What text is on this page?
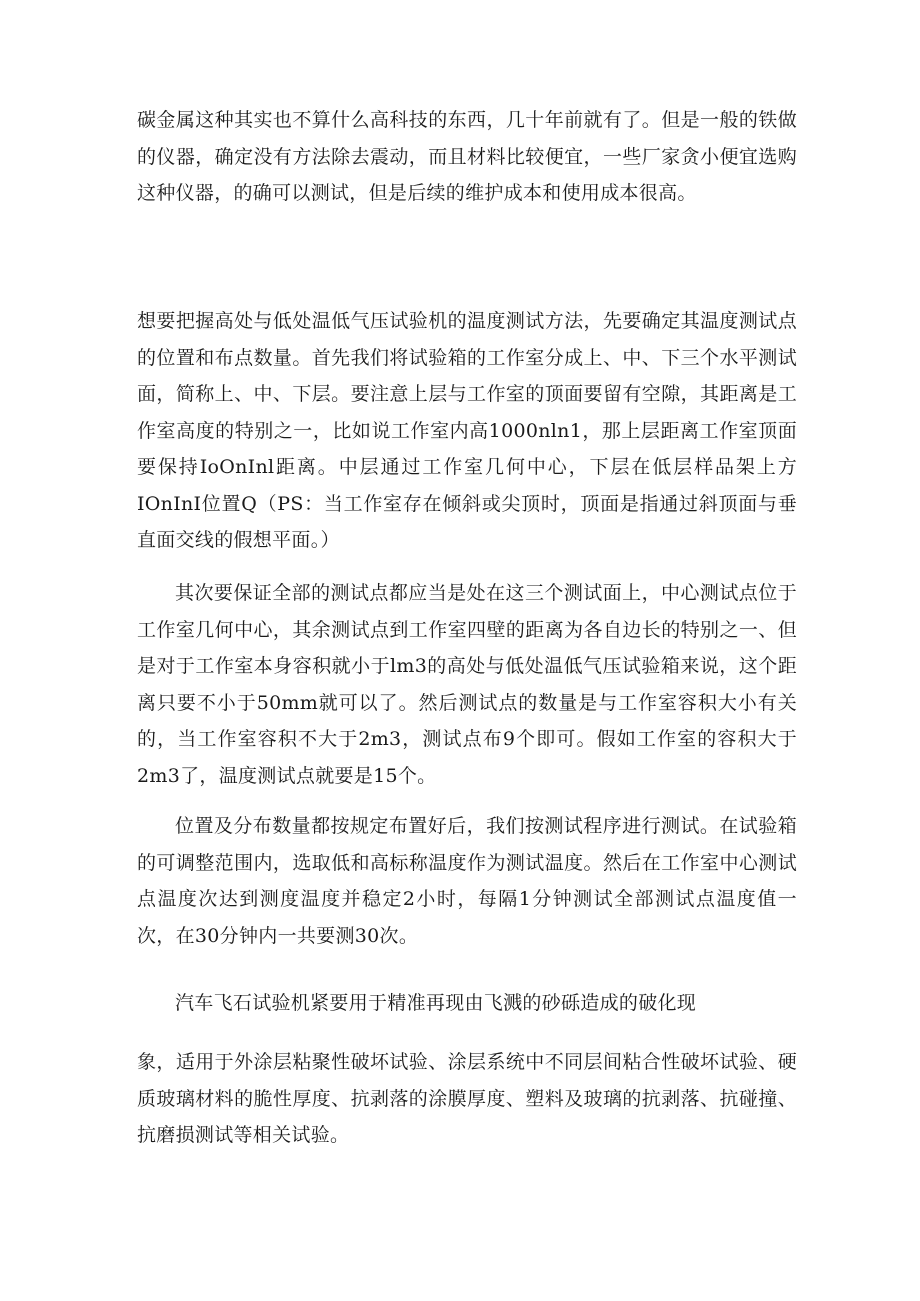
碳金属这种其实也不算什么高科技的东西，几十年前就有了。但是一般的铁做的仪器，确定没有方法除去震动，而且材料比较便宜，一些厂家贪小便宜选购这种仪器，的确可以测试，但是后续的维护成本和使用成本很高。

想要把握高处与低处温低气压试验机的温度测试方法，先要确定其温度测试点的位置和布点数量。首先我们将试验箱的工作室分成上、中、下三个水平测试面，简称上、中、下层。要注意上层与工作室的顶面要留有空隙，其距离是工作室高度的特别之一，比如说工作室内高1000nln1，那上层距离工作室顶面要保持IoOnInl距离。中层通过工作室几何中心，下层在低层样品架上方IOnInI位置Q（PS：当工作室存在倾斜或尖顶时，顶面是指通过斜顶面与垂直面交线的假想平面。）

其次要保证全部的测试点都应当是处在这三个测试面上，中心测试点位于工作室几何中心，其余测试点到工作室四壁的距离为各自边长的特别之一、但是对于工作室本身容积就小于lm3的高处与低处温低气压试验箱来说，这个距离只要不小于50mm就可以了。然后测试点的数量是与工作室容积大小有关的，当工作室容积不大于2m3，测试点布9个即可。假如工作室的容积大于2m3了，温度测试点就要是15个。

位置及分布数量都按规定布置好后，我们按测试程序进行测试。在试验箱的可调整范围内，选取低和高标称温度作为测试温度。然后在工作室中心测试点温度次达到测度温度并稳定2小时，每隔1分钟测试全部测试点温度值一次，在30分钟内一共要测30次。

汽车飞石试验机紧要用于精准再现由飞溅的砂砾造成的破化现

象，适用于外涂层粘聚性破坏试验、涂层系统中不同层间粘合性破坏试验、硬质玻璃材料的脆性厚度、抗剥落的涂膜厚度、塑料及玻璃的抗剥落、抗碰撞、抗磨损测试等相关试验。
